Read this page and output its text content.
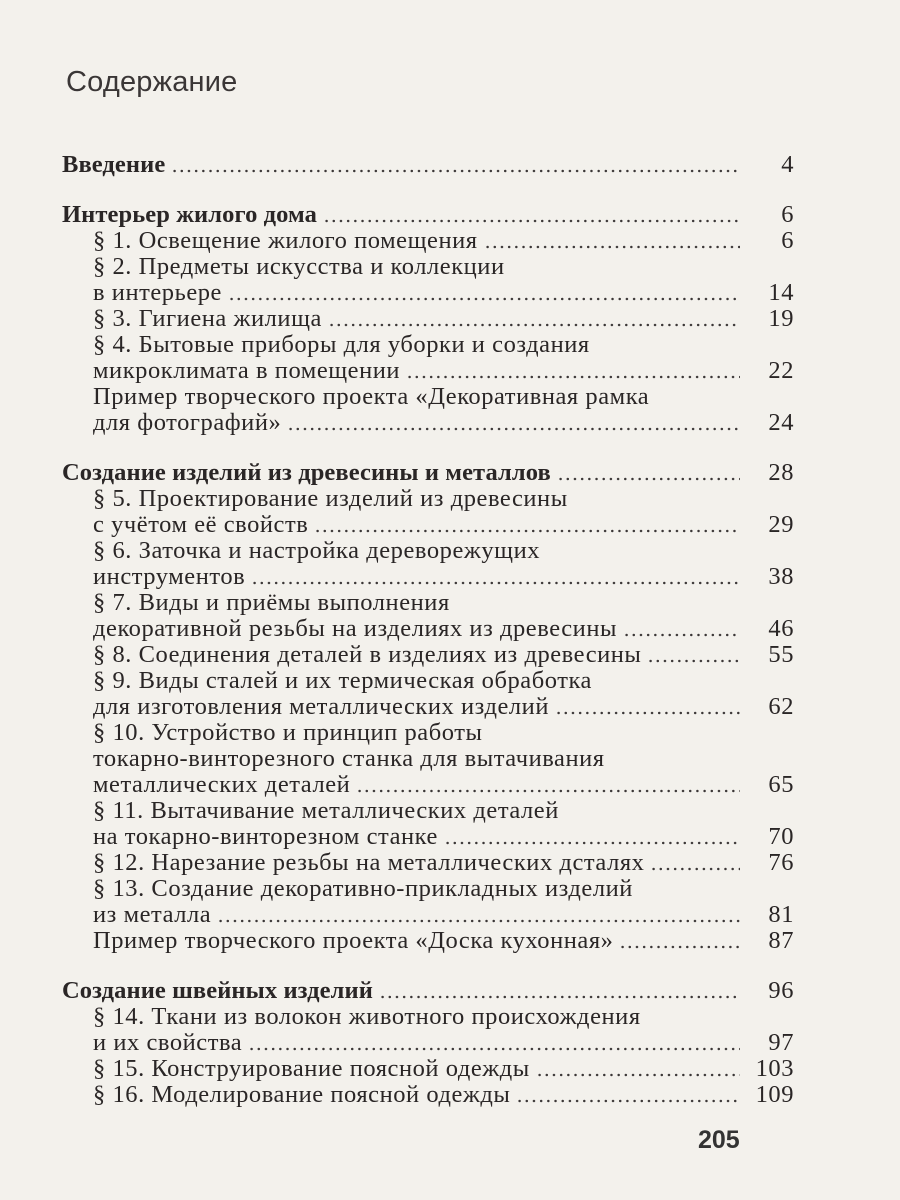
Содержание
Введение	4
Интерьер жилого дома	6
§ 1. Освещение жилого помещения	6
§ 2. Предметы искусства и коллекции
в интерьере	14
§ 3. Гигиена жилища	19
§ 4. Бытовые приборы для уборки и создания
микроклимата в помещении	22
Пример творческого проекта «Декоративная рамка
для фотографий»	24
Создание изделий из древесины и металлов	28
§ 5. Проектирование изделий из древесины
с учётом её свойств	29
§ 6. Заточка и настройка дереворежущих
инструментов	38
§ 7. Виды и приёмы выполнения
декоративной резьбы на изделиях из древесины	46
§ 8. Соединения деталей в изделиях из древесины	55
§ 9. Виды сталей и их термическая обработка
для изготовления металлических изделий	62
§ 10. Устройство и принцип работы
токарно-винторезного станка для вытачивания
металлических деталей	65
§ 11. Вытачивание металлических деталей
на токарно-винторезном станке	70
§ 12. Нарезание резьбы на металлических дсталях	76
§ 13. Создание декоративно-прикладных изделий
из металла	81
Пример творческого проекта «Доска кухонная»	87
Создание швейных изделий	96
§ 14. Ткани из волокон животного происхождения
и их свойства	97
§ 15. Конструирование поясной одежды	103
§ 16. Моделирование поясной одежды	109
205
